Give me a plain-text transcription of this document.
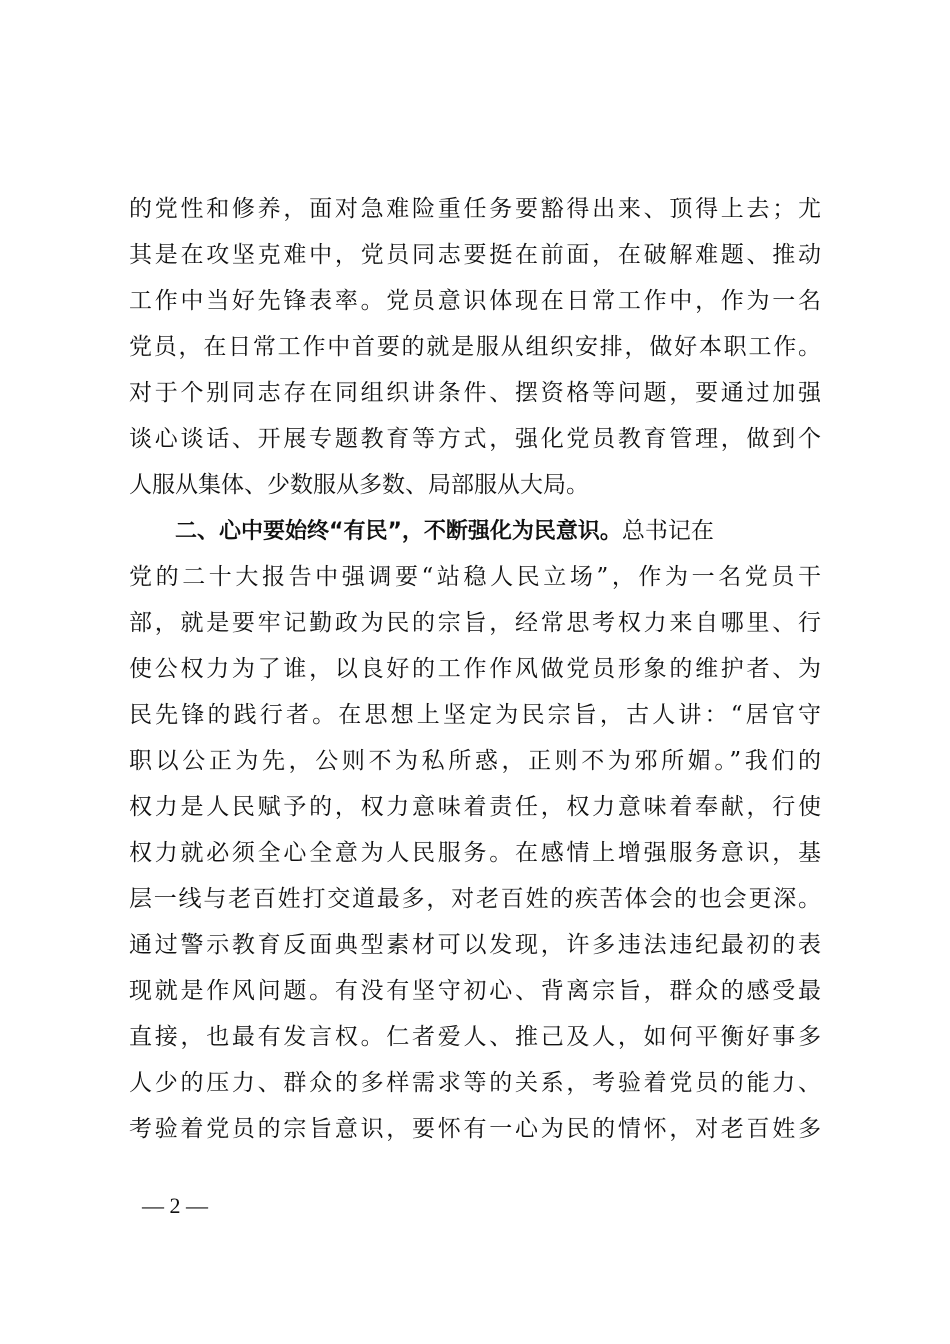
的党性和修养，面对急难险重任务要豁得出来、顶得上去；尤
其是在攻坚克难中，党员同志要挺在前面，在破解难题、推动
工作中当好先锋表率。党员意识体现在日常工作中，作为一名
党员，在日常工作中首要的就是服从组织安排，做好本职工作。
对于个别同志存在同组织讲条件、摆资格等问题，要通过加强
谈心谈话、开展专题教育等方式，强化党员教育管理，做到个
人服从集体、少数服从多数、局部服从大局。
二、心中要始终“有民”，不断强化为民意识。总书记在
党的二十大报告中强调要“站稳人民立场”，作为一名党员干
部，就是要牢记勤政为民的宗旨，经常思考权力来自哪里、行
使公权力为了谁，以良好的工作作风做党员形象的维护者、为
民先锋的践行者。在思想上坚定为民宗旨，古人讲：“居官守
职以公正为先，公则不为私所惑，正则不为邪所媚。”我们的
权力是人民赋予的，权力意味着责任，权力意味着奉献，行使
权力就必须全心全意为人民服务。在感情上增强服务意识，基
层一线与老百姓打交道最多，对老百姓的疾苦体会的也会更深。
通过警示教育反面典型素材可以发现，许多违法违纪最初的表
现就是作风问题。有没有坚守初心、背离宗旨，群众的感受最
直接，也最有发言权。仁者爱人、推己及人，如何平衡好事多
人少的压力、群众的多样需求等的关系，考验着党员的能力、
考验着党员的宗旨意识，要怀有一心为民的情怀，对老百姓多
— 2 —
